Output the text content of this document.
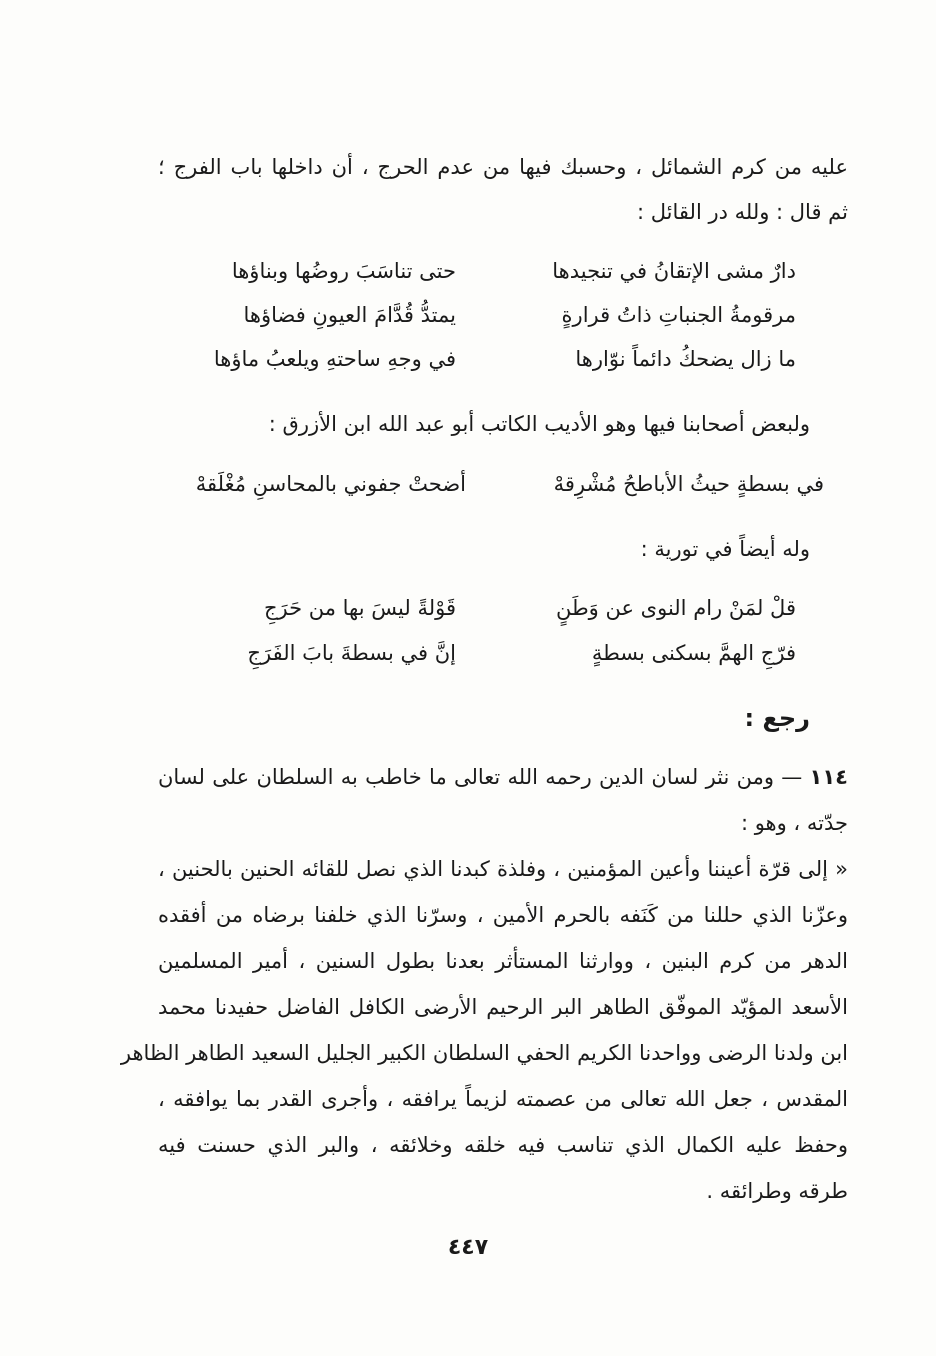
عليه من كرم الشمائل ، وحسبك فيها من عدم الحرج ، أن داخلها باب الفرج ؛
ثم قال : ولله در القائل :
دارٌ مشى الإتقانُ في تنجيدها
حتى تناسَبَ روضُها وبناؤها
مرقومةُ الجنباتِ ذاتُ قرارةٍ
يمتدُّ قُدَّامَ العيونِ فضاؤها
ما زال يضحكُ دائماً نوّارها
في وجهِ ساحتهِ ويلعبُ ماؤها
ولبعض أصحابنا فيها وهو الأديب الكاتب أبو عبد الله ابن الأزرق :
في بسطةٍ حيثُ الأباطحُ مُشْرِقهْ
أضحتْ جفوني بالمحاسنِ مُغْلَقهْ
وله أيضاً في تورية :
قلْ لمَنْ رام النوى عن وَطَنٍ
قَوْلةً ليسَ بها من حَرَجِ
فرّجِ الهمَّ بسكنى بسطةٍ
إنَّ في بسطةَ بابَ الفَرَجِ
رجع :
١١٤ — ومن نثر لسان الدين رحمه الله تعالى ما خاطب به السلطان على لسان
جدّته ، وهو :
« إلى قرّة أعيننا وأعين المؤمنين ، وفلذة كبدنا الذي نصل للقائه الحنين بالحنين ،
وعزّنا الذي حللنا من كَنَفه بالحرم الأمين ، وسرّنا الذي خلفنا برضاه من أفقده
الدهر من كرم البنين ، ووارثنا المستأثر بعدنا بطول السنين ، أمير المسلمين
الأسعد المؤيّد الموفّق الطاهر البر الرحيم الأرضى الكافل الفاضل حفيدنا محمد
ابن ولدنا الرضى وواحدنا الكريم الحفي السلطان الكبير الجليل السعيد الطاهر الظاهر
المقدس ، جعل الله تعالى من عصمته لزيماً يرافقه ، وأجرى القدر بما يوافقه ،
وحفظ عليه الكمال الذي تناسب فيه خلقه وخلائقه ، والبر الذي حسنت فيه
طرقه وطرائقه .
٤٤٧
